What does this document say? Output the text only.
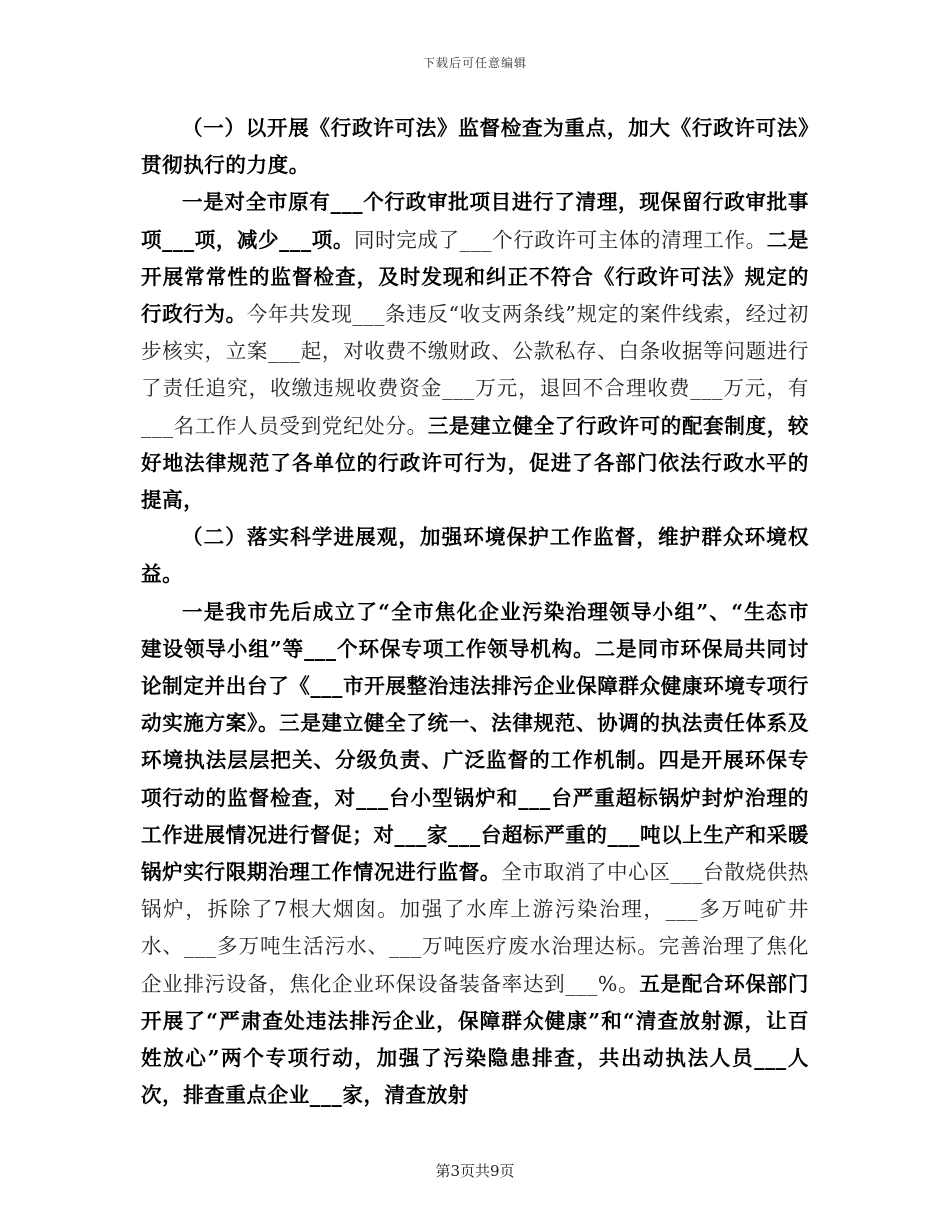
下载后可任意编辑

（一）以开展《行政许可法》监督检查为重点，加大《行政许可法》贯彻执行的力度。

一是对全市原有___个行政审批项目进行了清理，现保留行政审批事项___项，减少___项。同时完成了___个行政许可主体的清理工作。二是开展常常性的监督检查，及时发现和纠正不符合《行政许可法》规定的行政行为。今年共发现___条违反“收支两条线”规定的案件线索，经过初步核实，立案___起，对收费不缴财政、公款私存、白条收据等问题进行了责任追究，收缴违规收费资金___万元，退回不合理收费___万元，有___名工作人员受到党纪处分。三是建立健全了行政许可的配套制度，较好地法律规范了各单位的行政许可行为，促进了各部门依法行政水平的提高，

（二）落实科学进展观，加强环境保护工作监督，维护群众环境权益。

一是我市先后成立了“全市焦化企业污染治理领导小组”、“生态市建设领导小组”等___个环保专项工作领导机构。二是同市环保局共同讨论制定并出台了《___市开展整治违法排污企业保障群众健康环境专项行动实施方案》。三是建立健全了统一、法律规范、协调的执法责任体系及环境执法层层把关、分级负责、广泛监督的工作机制。四是开展环保专项行动的监督检查，对___台小型锅炉和___台严重超标锅炉封炉治理的工作进展情况进行督促；对___家___台超标严重的___吨以上生产和采暖锅炉实行限期治理工作情况进行监督。全市取消了中心区___台散烧供热锅炉，拆除了7根大烟囱。加强了水库上游污染治理，___多万吨矿井水、___多万吨生活污水、___万吨医疗废水治理达标。完善治理了焦化企业排污设备，焦化企业环保设备装备率达到___%。五是配合环保部门开展了“严肃查处违法排污企业，保障群众健康”和“清查放射源，让百姓放心”两个专项行动，加强了污染隐患排查，共出动执法人员___人次，排查重点企业___家，清查放射

第3页共9页
